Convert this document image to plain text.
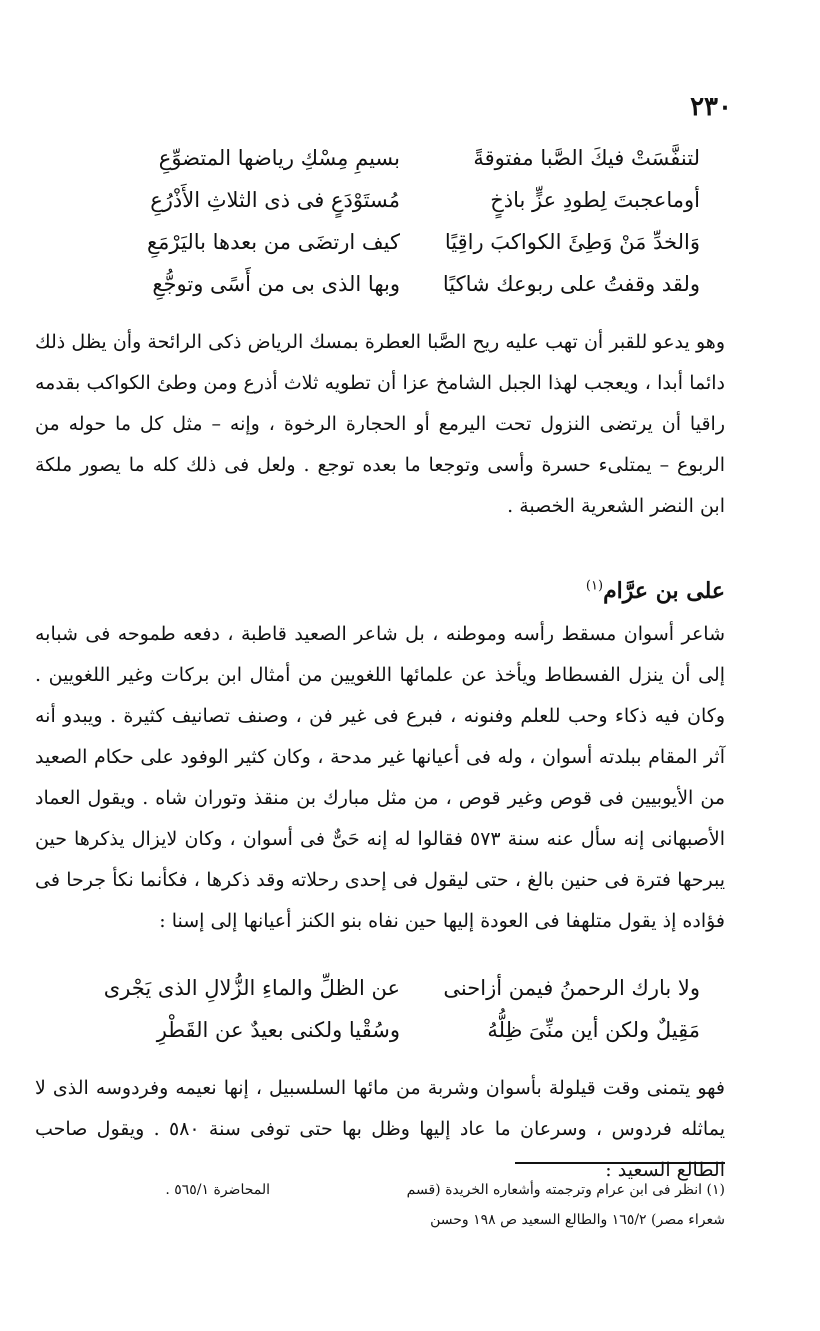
٢٣٠
لتنفَّسَتْ فيكَ الصَّبا مفتوقةً
بسيمِ مِسْكِ رياضها المتضوِّعِ
أوماعجبتَ لِطودِ عزٍّ باذخٍ
مُستَوْدَعٍ فى ذى الثلاثِ الأَذْرُعِ
وَالخدِّ مَنْ وَطِئَ الكواكبَ راقِيًا
كيف ارتضَى من بعدها باليَرْمَعِ
ولقد وقفتُ على ربوعك شاكيًا
وبها الذى بى من أَسًى وتوجُّعِ
وهو يدعو للقبر أن تهب عليه ريح الصَّبا العطرة بمسك الرياض ذكى الرائحة وأن يظل ذلك دائما أبدا ، ويعجب لهذا الجبل الشامخ عزا أن تطويه ثلاث أذرع ومن وطئ الكواكب بقدمه راقيا أن يرتضى النزول تحت اليرمع أو الحجارة الرخوة ، وإنه – مثل كل ما حوله من الربوع – يمتلىء حسرة وأسى وتوجعا ما بعده توجع . ولعل فى ذلك كله ما يصور ملكة ابن النضر الشعرية الخصبة .
على بن عرَّام$^{(١)}$
شاعر أسوان مسقط رأسه وموطنه ، بل شاعر الصعيد قاطبة ، دفعه طموحه فى شبابه إلى أن ينزل الفسطاط ويأخذ عن علمائها اللغويين من أمثال ابن بركات وغير اللغويين . وكان فيه ذكاء وحب للعلم وفنونه ، فبرع فى غير فن ، وصنف تصانيف كثيرة . ويبدو أنه آثر المقام ببلدته أسوان ، وله فى أعيانها غير مدحة ، وكان كثير الوفود على حكام الصعيد من الأيوبيين فى قوص وغير قوص ، من مثل مبارك بن منقذ وتوران شاه . ويقول العماد الأصبهانى إنه سأل عنه سنة ٥٧٣ فقالوا له إنه حَىٌّ فى أسوان ، وكان لايزال يذكرها حين يبرحها فترة فى حنين بالغ ، حتى ليقول فى إحدى رحلاته وقد ذكرها ، فكأنما نكأ جرحا فى فؤاده إذ يقول متلهفا فى العودة إليها حين نفاه بنو الكنز أعيانها إلى إسنا :
ولا بارك الرحمنُ فيمن أزاحنى
عن الظلِّ والماءِ الزُّلالِ الذى يَجْرى
مَقِيلٌ ولكن أين منِّىَ ظِلُّهُ
وسُقْيا ولكنى بعيدٌ عن القَطْرِ
فهو يتمنى وقت قيلولة بأسوان وشربة من مائها السلسبيل ، إنها نعيمه وفردوسه الذى لا يماثله فردوس ، وسرعان ما عاد إليها وظل بها حتى توفى سنة ٥٨٠ . ويقول صاحب الطالع السعيد :
(١) انظر فى ابن عرام وترجمته وأشعاره الخريدة (قسم
المحاضرة ٥٦٥/١ .
شعراء مصر) ١٦٥/٢ والطالع السعيد ص ١٩٨ وحسن
